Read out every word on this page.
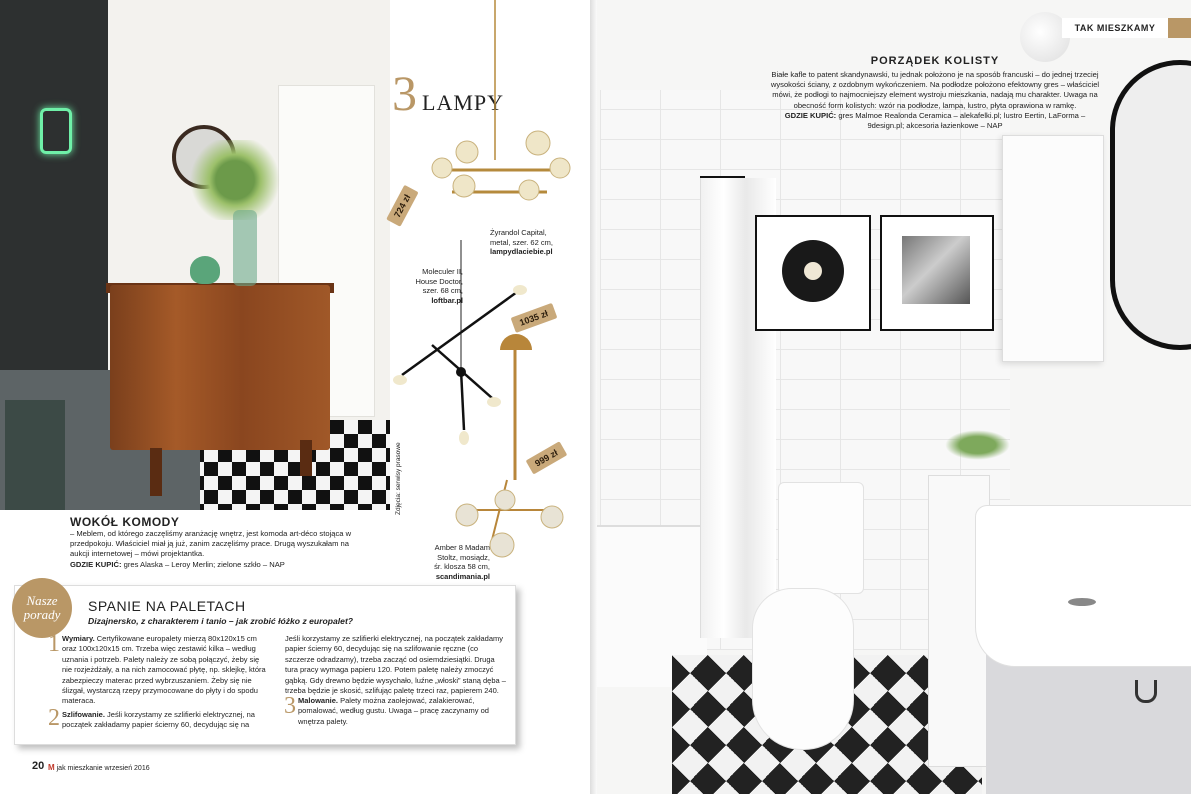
3 LAMPY
724 zł
1035 zł
999 zł
Żyrandol Capital,
metal, szer. 62 cm,
lampydlaciebie.pl
Moleculer II,
House Doctor,
szer. 68 cm,
loftbar.pl
Amber 8 Madam
Stoltz, mosiądz,
śr. klosza 58 cm,
scandimania.pl
Zdjęcia: serwisy prasowe
WOKÓŁ KOMODY
– Meblem, od którego zaczęliśmy aranżację wnętrz, jest komoda art-déco stojąca w przedpokoju. Właściciel miał ją już, zanim zaczęliśmy prace. Drugą wyszukałam na aukcji internetowej – mówi projektantka.
GDZIE KUPIĆ: gres Alaska – Leroy Merlin; zielone szkło – NAP
Nasze
porady
SPANIE NA PALETACH
Dizajnersko, z charakterem i tanio – jak zrobić łóżko z europalet?
1 Wymiary. Certyfikowane europalety mierzą 80x120x15 cm oraz 100x120x15 cm. Trzeba więc zestawić kilka – według uznania i potrzeb. Palety należy ze sobą połączyć, żeby się nie rozjeżdżały, a na nich zamocować płytę, np. sklejkę, która zabezpieczy materac przed wybrzuszaniem. Żeby się nie ślizgał, wystarczą rzepy przymocowane do płyty i do spodu materaca.
2 Szlifowanie. Jeśli korzystamy ze szlifierki elektrycznej, na początek zakładamy papier ścierny 60, decydując się na
Jeśli korzystamy ze szlifierki elektrycznej, na początek zakładamy papier ścierny 60, decydując się na szlifowanie ręczne (co szczerze odradzamy), trzeba zacząć od osiemdziesiątki. Druga tura pracy wymaga papieru 120. Potem paletę należy zmoczyć gąbką. Gdy drewno będzie wysychało, luźne „włoski” staną dęba – trzeba będzie je skosić, szlifując paletę trzeci raz, papierem 240.
3 Malowanie. Palety można zaolejować, zalakierować, pomalować, według gustu. Uwaga – pracę zaczynamy od wnętrza palety.
20 M jak mieszkanie wrzesień 2016
TAK MIESZKAMY
PORZĄDEK KOLISTY
Białe kafle to patent skandynawski, tu jednak położono je na sposób francuski – do jednej trzeciej wysokości ściany, z ozdobnym wykończeniem. Na podłodze położono efektowny gres – właściciel mówi, że podłogi to najmocniejszy element wystroju mieszkania, nadają mu charakter. Uwaga na obecność form kolistych: wzór na podłodze, lampa, lustro, płyta oprawiona w ramkę.
GDZIE KUPIĆ: gres Malmoe Realonda Ceramica – alekafelki.pl; lustro Eertin, LaForma – 9design.pl; akcesoria łazienkowe – NAP
